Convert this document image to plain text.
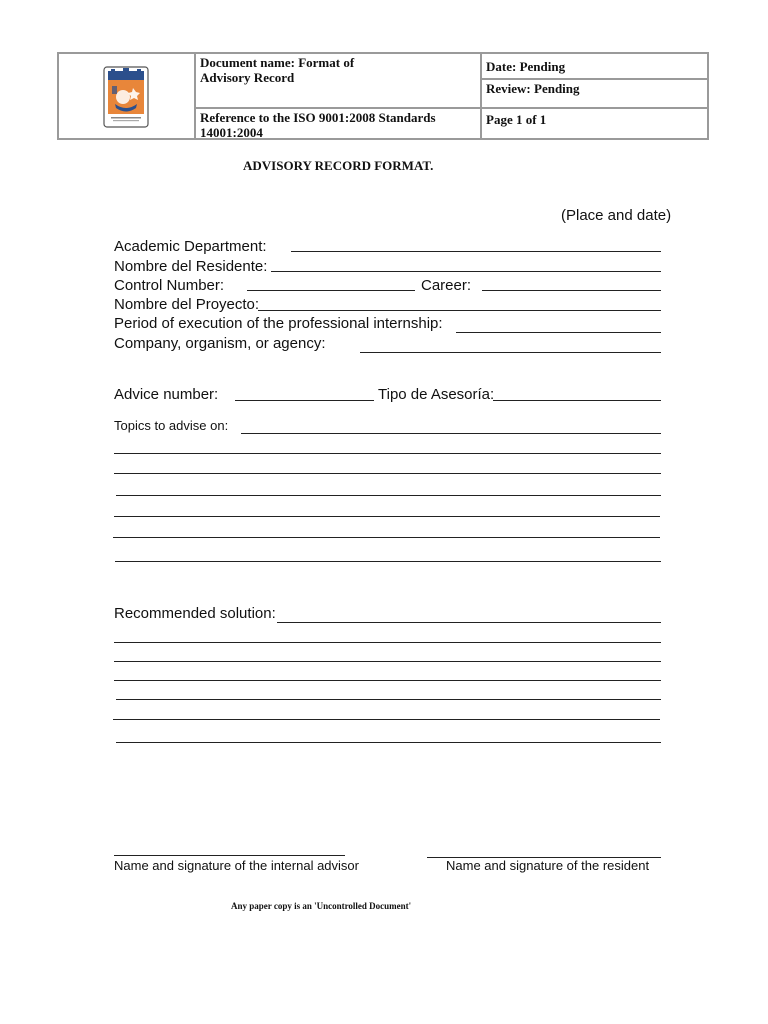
Document name: Format of
Advisory Record
Reference to the ISO 9001:2008 Standards
14001:2004
Date: Pending
Review: Pending
Page 1 of 1
ADVISORY RECORD FORMAT.
(Place and date)
Academic Department:
Nombre del Residente:
Control Number:	Career:
Nombre del Proyecto:
Period of execution of the professional internship:
Company, organism, or agency:
Advice number:	Tipo de Asesoría:
Topics to advise on:
Recommended solution:
Name and signature of the internal advisor	Name and signature of the resident
Any paper copy is an 'Uncontrolled Document'
